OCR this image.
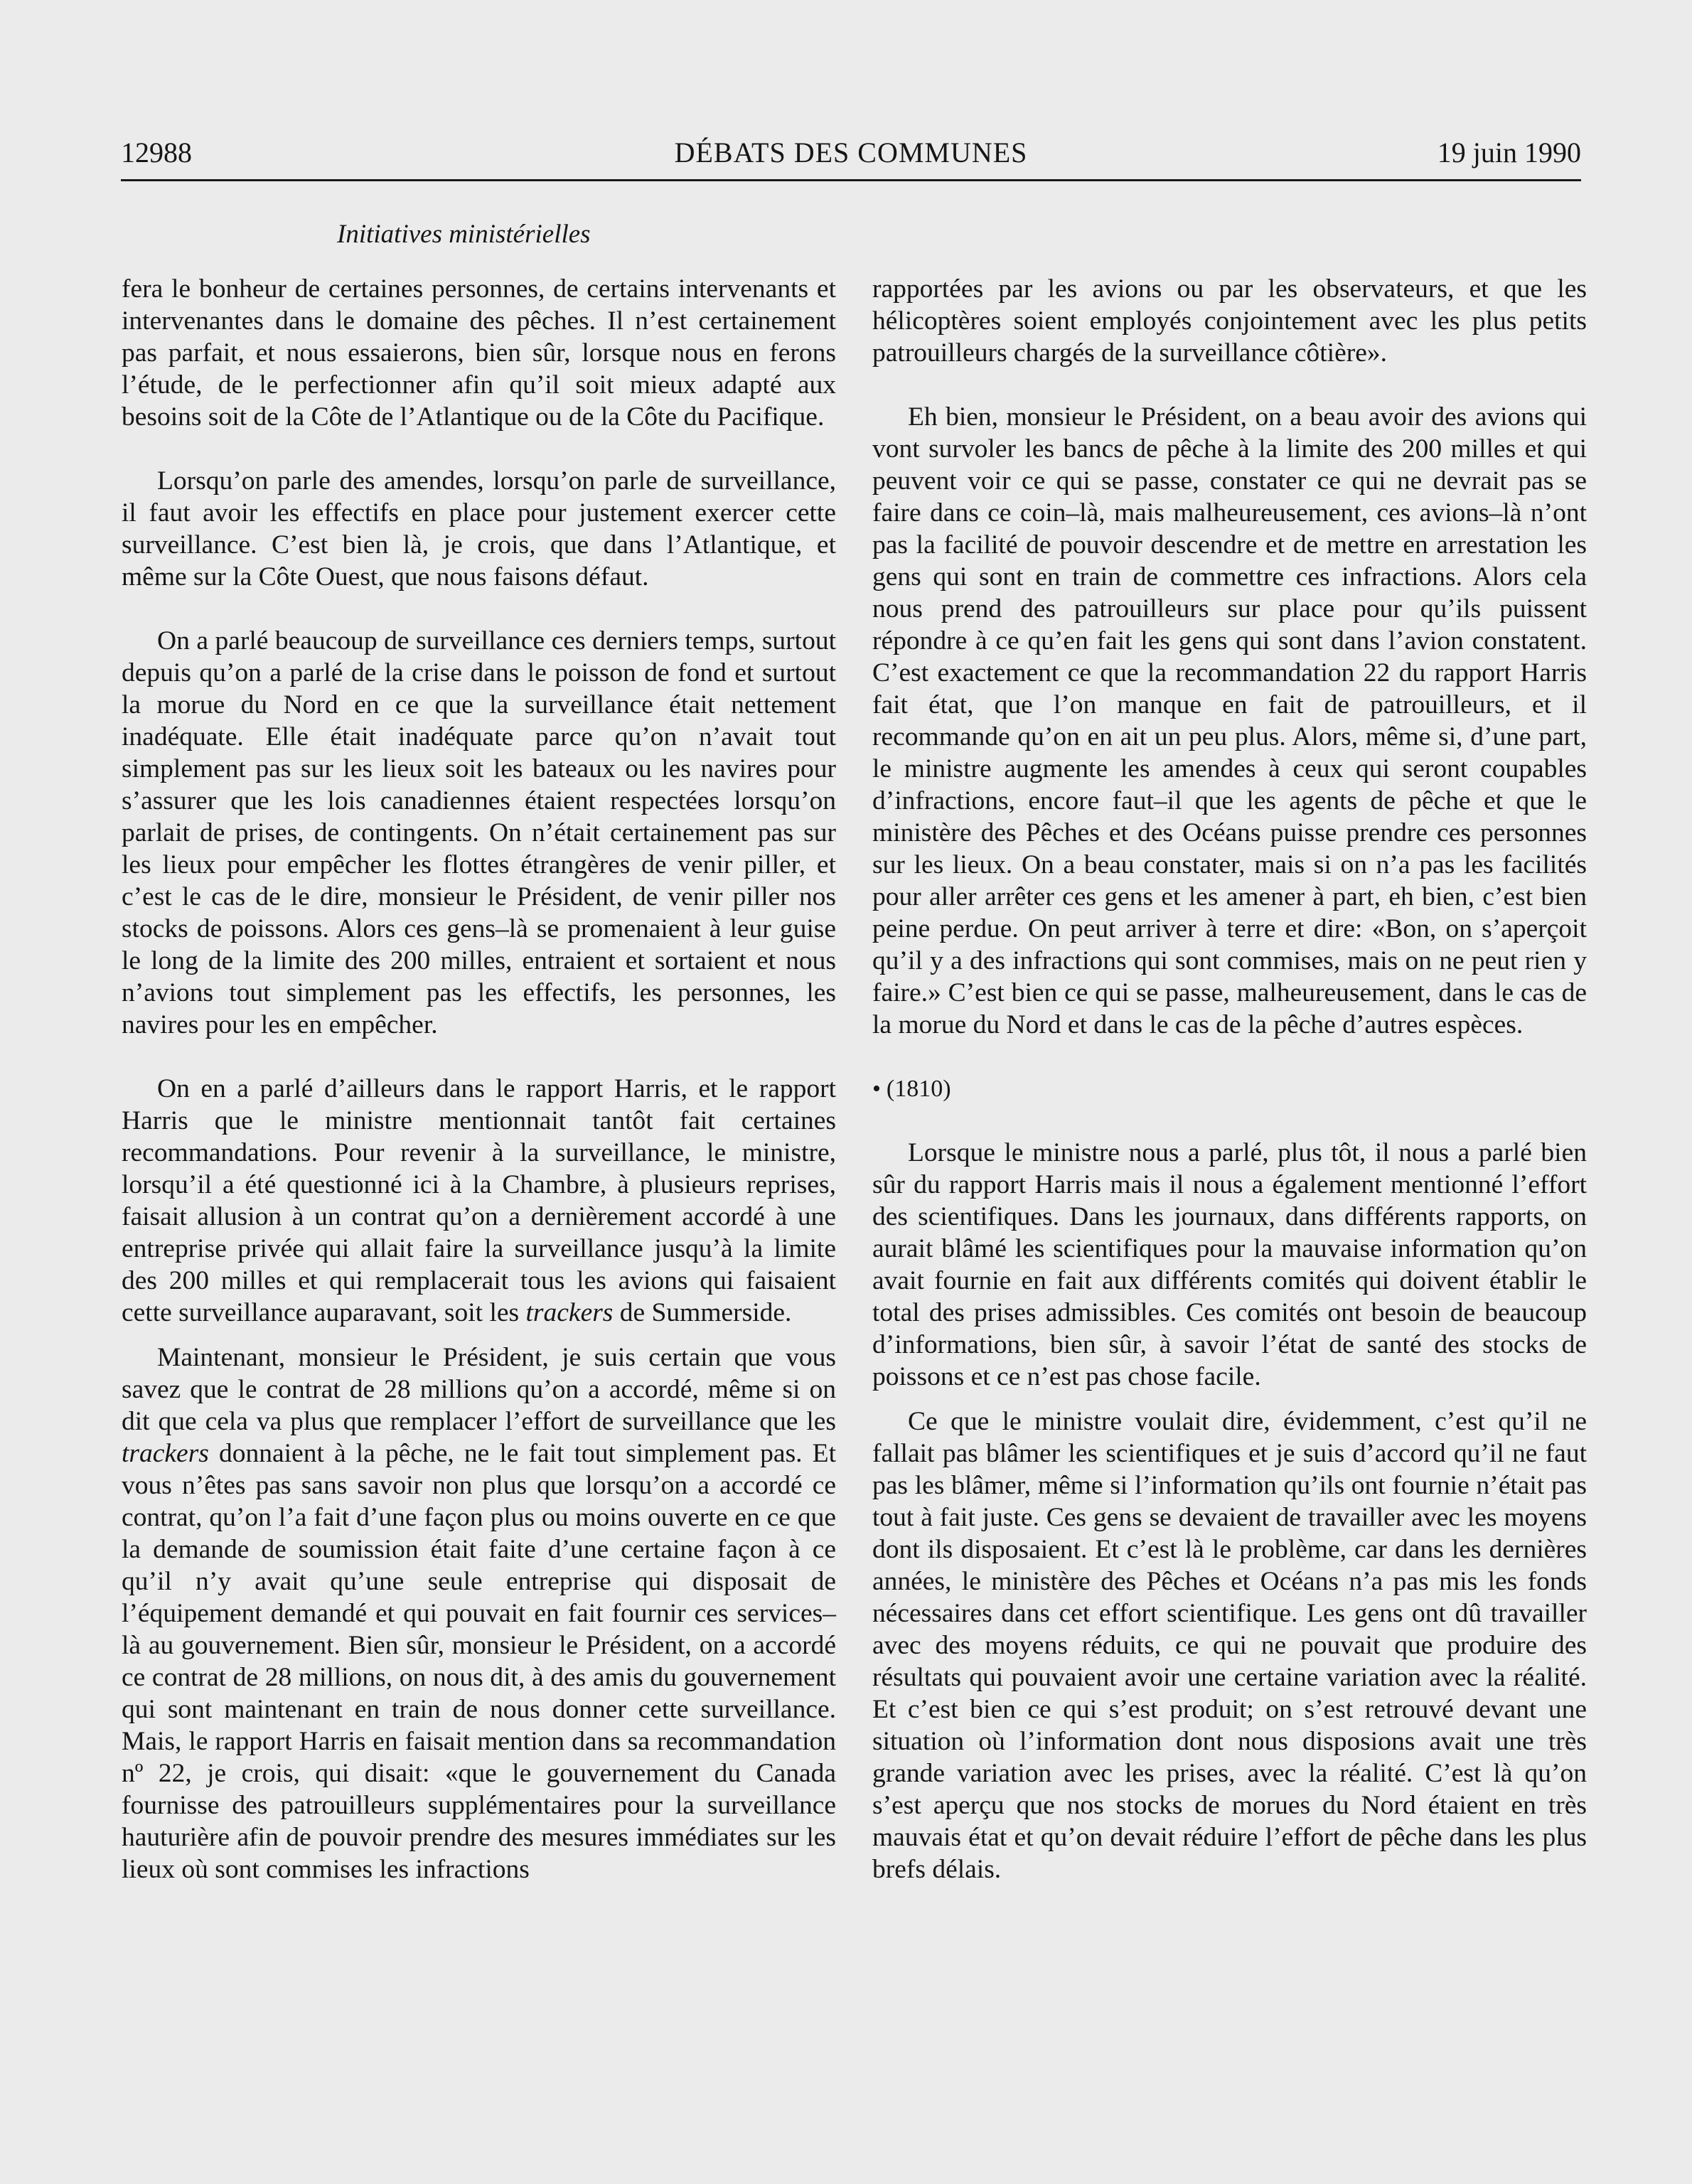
12988	DÉBATS DES COMMUNES	19 juin 1990
Initiatives ministérielles

fera le bonheur de certaines personnes, de certains intervenants et intervenantes dans le domaine des pêches. Il n’est certainement pas parfait, et nous essaierons, bien sûr, lorsque nous en ferons l’étude, de le perfectionner afin qu’il soit mieux adapté aux besoins soit de la Côte de l’Atlantique ou de la Côte du Pacifique.

Lorsqu’on parle des amendes, lorsqu’on parle de surveillance, il faut avoir les effectifs en place pour justement exercer cette surveillance. C’est bien là, je crois, que dans l’Atlantique, et même sur la Côte Ouest, que nous faisons défaut.

On a parlé beaucoup de surveillance ces derniers temps, surtout depuis qu’on a parlé de la crise dans le poisson de fond et surtout la morue du Nord en ce que la surveillance était nettement inadéquate. Elle était inadéquate parce qu’on n’avait tout simplement pas sur les lieux soit les bateaux ou les navires pour s’assurer que les lois canadiennes étaient respectées lorsqu’on parlait de prises, de contingents. On n’était certainement pas sur les lieux pour empêcher les flottes étrangères de venir piller, et c’est le cas de le dire, monsieur le Président, de venir piller nos stocks de poissons. Alors ces gens–là se promenaient à leur guise le long de la limite des 200 milles, entraient et sortaient et nous n’avions tout simplement pas les effectifs, les personnes, les navires pour les en empêcher.

On en a parlé d’ailleurs dans le rapport Harris, et le rapport Harris que le ministre mentionnait tantôt fait certaines recommandations. Pour revenir à la surveillance, le ministre, lorsqu’il a été questionné ici à la Chambre, à plusieurs reprises, faisait allusion à un contrat qu’on a dernièrement accordé à une entreprise privée qui allait faire la surveillance jusqu’à la limite des 200 milles et qui remplacerait tous les avions qui faisaient cette surveillance auparavant, soit les trackers de Summerside.

Maintenant, monsieur le Président, je suis certain que vous savez que le contrat de 28 millions qu’on a accordé, même si on dit que cela va plus que remplacer l’effort de surveillance que les trackers donnaient à la pêche, ne le fait tout simplement pas. Et vous n’êtes pas sans savoir non plus que lorsqu’on a accordé ce contrat, qu’on l’a fait d’une façon plus ou moins ouverte en ce que la demande de soumission était faite d’une certaine façon à ce qu’il n’y avait qu’une seule entreprise qui disposait de l’équipement demandé et qui pouvait en fait fournir ces services–là au gouvernement. Bien sûr, monsieur le Président, on a accordé ce contrat de 28 millions, on nous dit, à des amis du gouvernement qui sont maintenant en train de nous donner cette surveillance. Mais, le rapport Harris en faisait mention dans sa recommandation nº 22, je crois, qui disait: «que le gouvernement du Canada fournisse des patrouilleurs supplémentaires pour la surveillance hauturière afin de pouvoir prendre des mesures immédiates sur les lieux où sont commises les infractions

rapportées par les avions ou par les observateurs, et que les hélicoptères soient employés conjointement avec les plus petits patrouilleurs chargés de la surveillance côtière».

Eh bien, monsieur le Président, on a beau avoir des avions qui vont survoler les bancs de pêche à la limite des 200 milles et qui peuvent voir ce qui se passe, constater ce qui ne devrait pas se faire dans ce coin–là, mais malheureusement, ces avions–là n’ont pas la facilité de pouvoir descendre et de mettre en arrestation les gens qui sont en train de commettre ces infractions. Alors cela nous prend des patrouilleurs sur place pour qu’ils puissent répondre à ce qu’en fait les gens qui sont dans l’avion constatent. C’est exactement ce que la recommandation 22 du rapport Harris fait état, que l’on manque en fait de patrouilleurs, et il recommande qu’on en ait un peu plus. Alors, même si, d’une part, le ministre augmente les amendes à ceux qui seront coupables d’infractions, encore faut–il que les agents de pêche et que le ministère des Pêches et des Océans puisse prendre ces personnes sur les lieux. On a beau constater, mais si on n’a pas les facilités pour aller arrêter ces gens et les amener à part, eh bien, c’est bien peine perdue. On peut arriver à terre et dire: «Bon, on s’aperçoit qu’il y a des infractions qui sont commises, mais on ne peut rien y faire.» C’est bien ce qui se passe, malheureusement, dans le cas de la morue du Nord et dans le cas de la pêche d’autres espèces.

• (1810)

Lorsque le ministre nous a parlé, plus tôt, il nous a parlé bien sûr du rapport Harris mais il nous a également mentionné l’effort des scientifiques. Dans les journaux, dans différents rapports, on aurait blâmé les scientifiques pour la mauvaise information qu’on avait fournie en fait aux différents comités qui doivent établir le total des prises admissibles. Ces comités ont besoin de beaucoup d’informations, bien sûr, à savoir l’état de santé des stocks de poissons et ce n’est pas chose facile.

Ce que le ministre voulait dire, évidemment, c’est qu’il ne fallait pas blâmer les scientifiques et je suis d’accord qu’il ne faut pas les blâmer, même si l’information qu’ils ont fournie n’était pas tout à fait juste. Ces gens se devaient de travailler avec les moyens dont ils disposaient. Et c’est là le problème, car dans les dernières années, le ministère des Pêches et Océans n’a pas mis les fonds nécessaires dans cet effort scientifique. Les gens ont dû travailler avec des moyens réduits, ce qui ne pouvait que produire des résultats qui pouvaient avoir une certaine variation avec la réalité. Et c’est bien ce qui s’est produit; on s’est retrouvé devant une situation où l’information dont nous disposions avait une très grande variation avec les prises, avec la réalité. C’est là qu’on s’est aperçu que nos stocks de morues du Nord étaient en très mauvais état et qu’on devait réduire l’effort de pêche dans les plus brefs délais.
